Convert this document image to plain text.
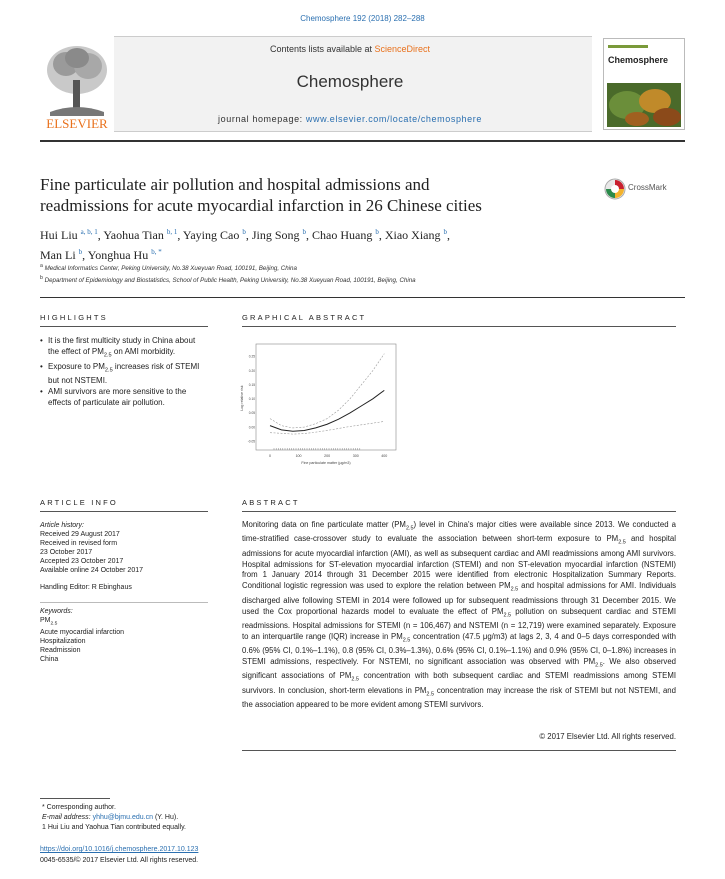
Chemosphere 192 (2018) 282–288
ELSEVIER
Contents lists available at ScienceDirect
Chemosphere
journal homepage: www.elsevier.com/locate/chemosphere
Chemosphere
Fine particulate air pollution and hospital admissions and
readmissions for acute myocardial infarction in 26 Chinese cities
CrossMark
Hui Liu $^{a, b, 1}$, Yaohua Tian $^{b, 1}$, Yaying Cao $^b$, Jing Song $^b$, Chao Huang $^b$, Xiao Xiang $^b$,
Man Li $^b$, Yonghua Hu $^{b, *}$
$^a$ Medical Informatics Center, Peking University, No.38 Xueyuan Road, 100191, Beijing, China
$^b$ Department of Epidemiology and Biostatistics, School of Public Health, Peking University, No.38 Xueyuan Road, 100191, Beijing, China
HIGHLIGHTS
• It is the first multicity study in China about the effect of $PM_{2.5}$ on AMI morbidity.
• Exposure to $PM_{2.5}$ increases risk of STEMI but not NSTEMI.
• AMI survivors are more sensitive to the effects of particulate air pollution.
GRAPHICAL ABSTRACT
0	100	200	300	400
-0.05
0.00
0.05
0.10
0.15
0.20
0.25
Fine particulate matter (μg/m3)
Log relative risk
ARTICLE INFO
Article history:
Received 29 August 2017
Received in revised form
23 October 2017
Accepted 23 October 2017
Available online 24 October 2017
Handling Editor: R Ebinghaus
Keywords:
$PM_{2.5}$
Acute myocardial infarction
Hospitalization
Readmission
China
ABSTRACT
Monitoring data on fine particulate matter $(PM_{2.5})$ level in China's major cities were available since 2013. We conducted a time-stratified case-crossover study to evaluate the association between short-term exposure to $PM_{2.5}$ and hospital admissions for acute myocardial infarction (AMI), as well as subsequent cardiac and AMI readmissions among AMI survivors. Hospital admissions for ST-elevation myocardial infarction (STEMI) and non ST-elevation myocardial infarction (NSTEMI) from 1 January 2014 through 31 December 2015 were identified from electronic Hospitalization Summary Reports. Conditional logistic regression was used to explore the relation between $PM_{2.5}$ and hospital admissions for AMI. Individuals discharged alive following STEMI in 2014 were followed up for subsequent readmissions through 31 December 2015. We used the Cox proportional hazards model to evaluate the effect of $PM_{2.5}$ pollution on subsequent cardiac and STEMI readmissions. Hospital admissions for STEMI (n = 106,467) and NSTEMI (n = 12,719) were examined separately. Exposure to an interquartile range (IQR) increase in $PM_{2.5}$ concentration (47.5 μg/m3) at lags 2, 3, 4 and 0–5 days corresponded with 0.6% (95% CI, 0.1%–1.1%), 0.8 (95% CI, 0.3%–1.3%), 0.6% (95% CI, 0.1%–1.1%) and 0.9% (95% CI, 0–1.8%) increases in STEMI admissions, respectively. For NSTEMI, no significant association was observed with $PM_{2.5}$. We also observed significant associations of $PM_{2.5}$ concentration with both subsequent cardiac and STEMI readmissions among STEMI survivors. In conclusion, short-term elevations in $PM_{2.5}$ concentration may increase the risk of STEMI but not NSTEMI, and the association appeared to be more evident among STEMI survivors.
© 2017 Elsevier Ltd. All rights reserved.
* Corresponding author.
E-mail address: yhhu@bjmu.edu.cn (Y. Hu).
1 Hui Liu and Yaohua Tian contributed equally.
https://doi.org/10.1016/j.chemosphere.2017.10.123
0045-6535/© 2017 Elsevier Ltd. All rights reserved.
